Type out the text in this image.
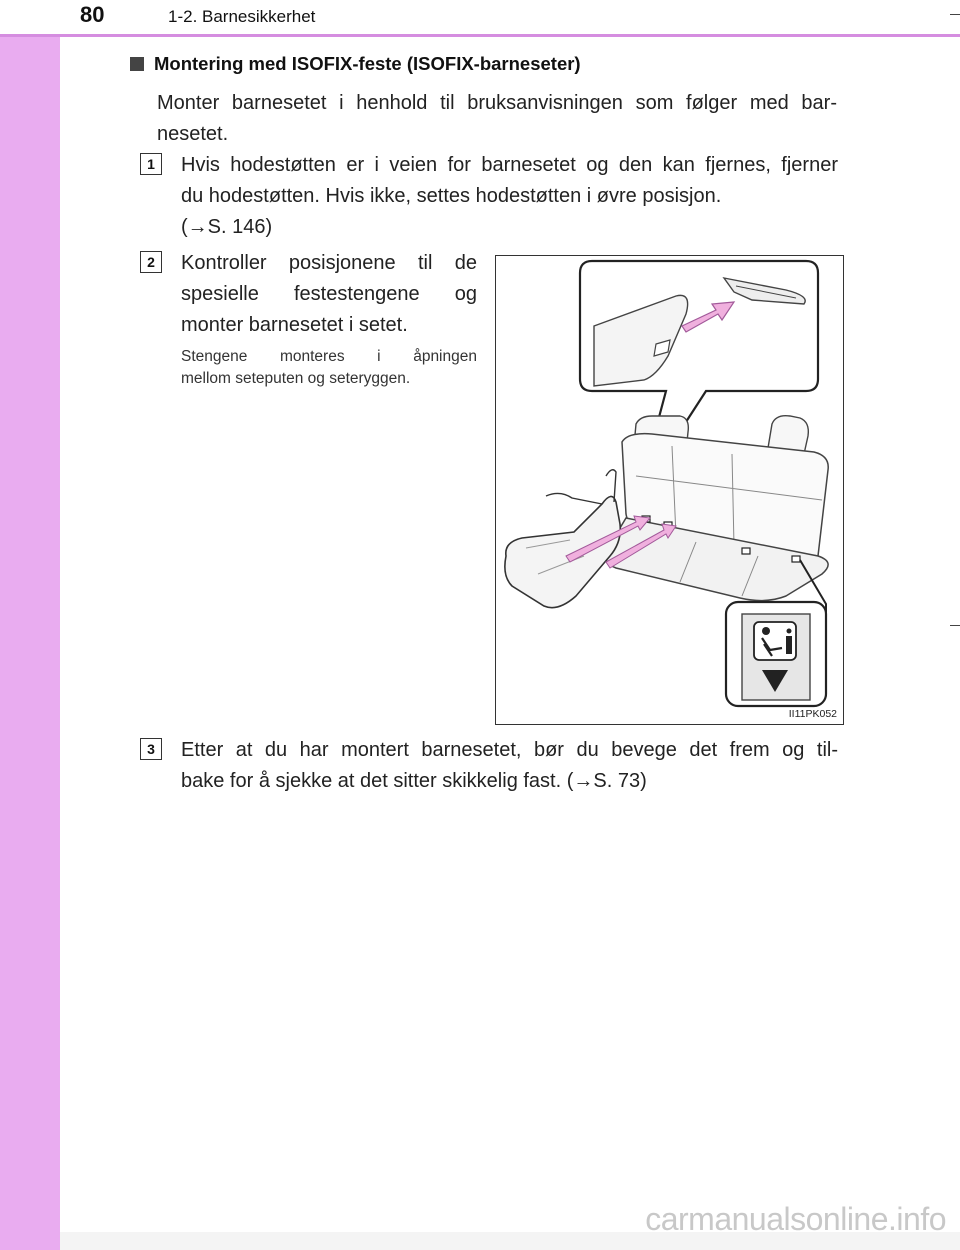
80	1-2. Barnesikkerhet
Montering med ISOFIX-feste (ISOFIX-barneseter)
Monter barnesetet i henhold til bruksanvisningen som følger med bar-
nesetet.
1	Hvis hodestøtten er i veien for barnesetet og den kan fjernes, fjerner
du hodestøtten. Hvis ikke, settes hodestøtten i øvre posisjon.
(→S. 146)
2	Kontroller posisjonene til de
spesielle festestengene og
monter barnesetet i setet.
Stengene monteres i åpningen
mellom seteputen og seteryggen.
II11PK052
3	Etter at du har montert barnesetet, bør du bevege det frem og til-
bake for å sjekke at det sitter skikkelig fast. (→S. 73)
carmanualsonline.info
